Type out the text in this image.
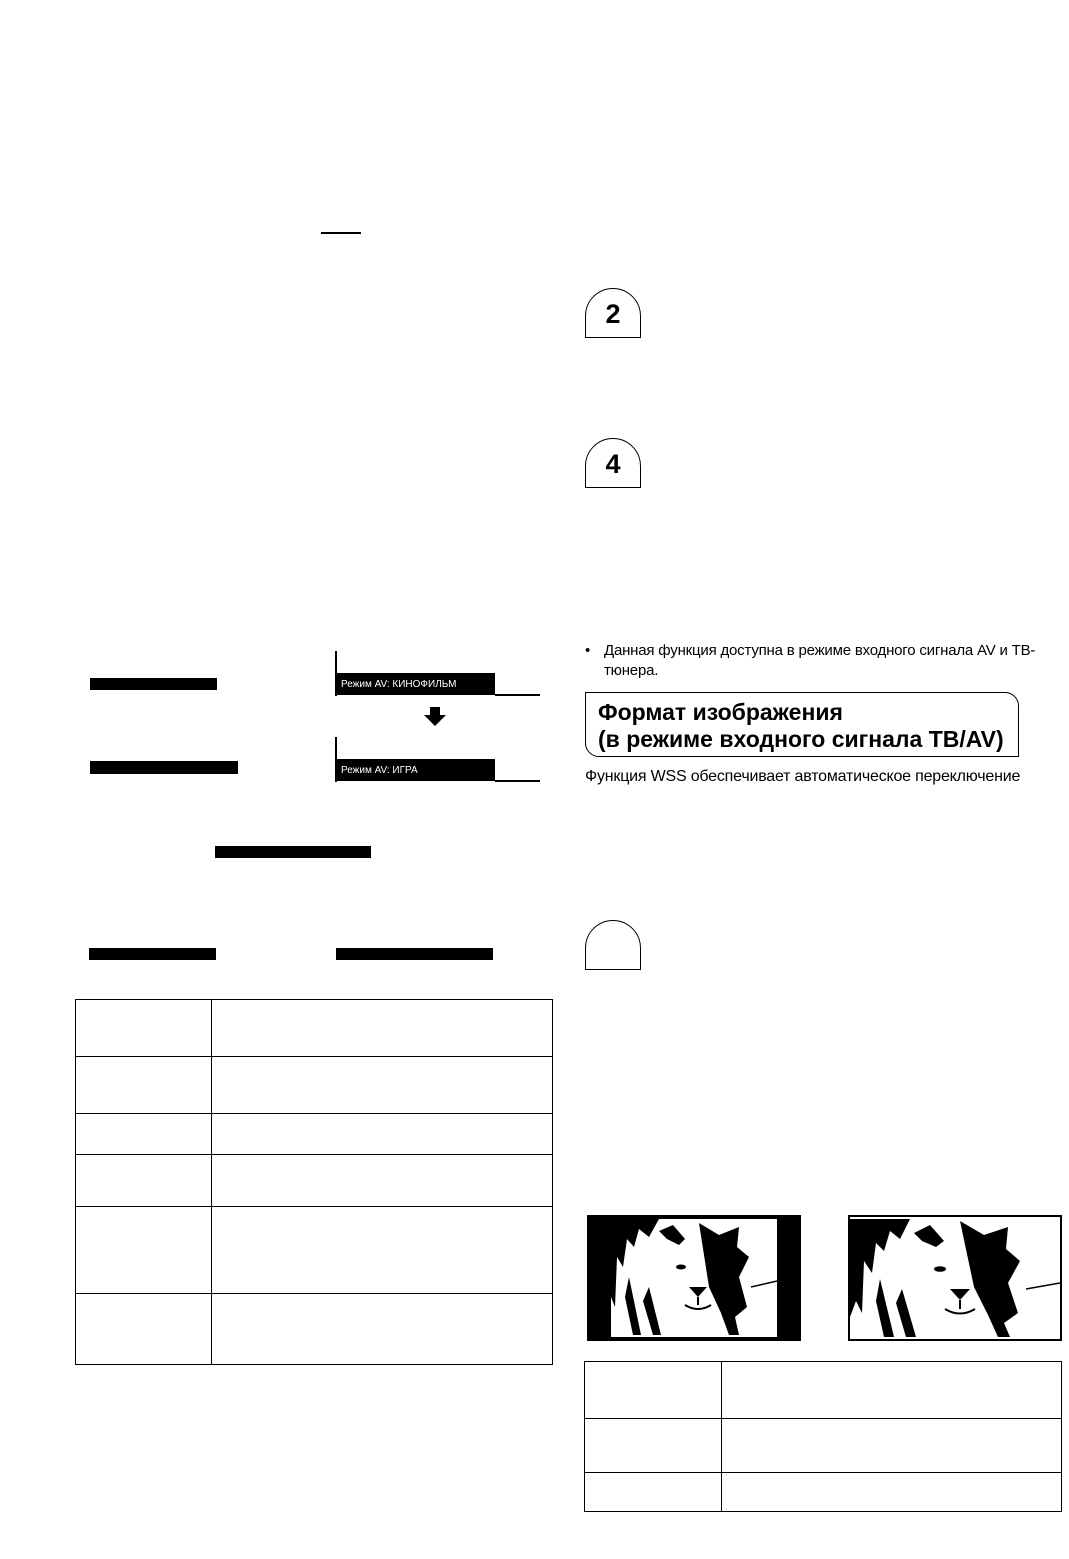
2
4
Режим AV: КИНОФИЛЬМ
Режим AV: ИГРА

• Данная функция доступна в режиме входного сигнала AV и ТВ-
тюнера.
Формат изображения
(в режиме входного сигнала ТВ/AV)
Функция WSS обеспечивает автоматическое переключение
